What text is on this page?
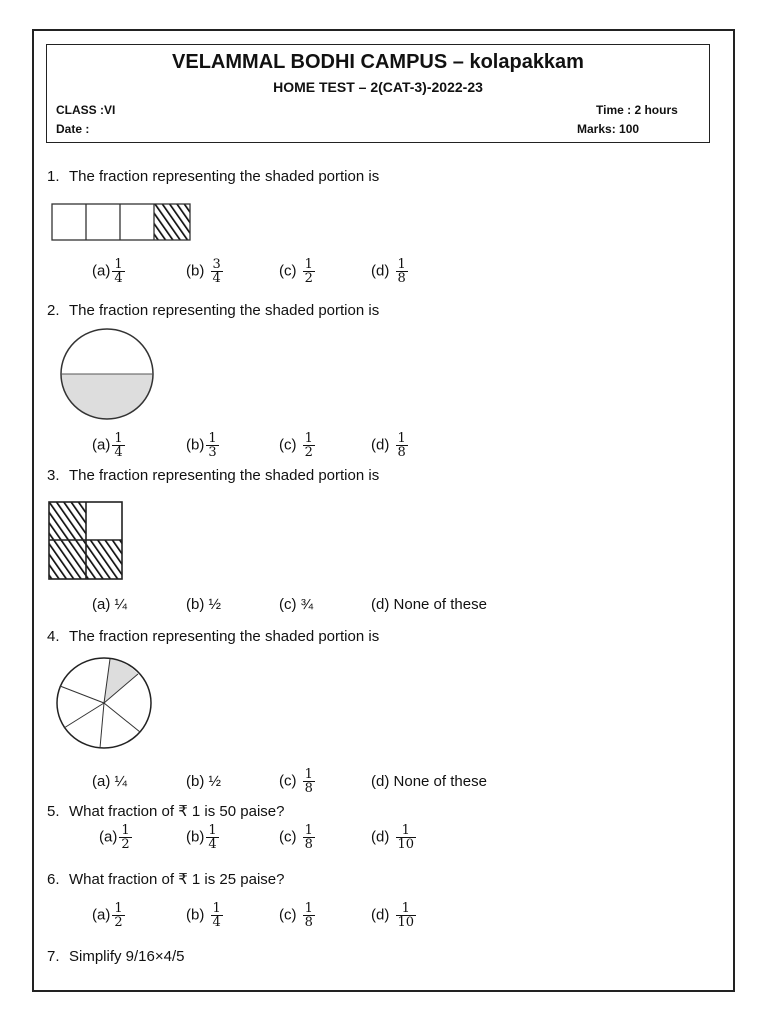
VELAMMAL BODHI CAMPUS – kolapakkam
HOME TEST – 2(CAT-3)-2022-23
CLASS :VI
Date :
Time : 2 hours
Marks: 100
1. The fraction representing the shaded portion is
$(a) \frac{1}{4}$	$(b) \frac{3}{4}$	$(c) \frac{1}{2}$	$(d) \frac{1}{8}$
2. The fraction representing the shaded portion is
$(a) \frac{1}{4}$	$(b) \frac{1}{3}$	$(c) \frac{1}{2}$	$(d) \frac{1}{8}$
3. The fraction representing the shaded portion is
(a) ¼	(b) ½	(c) ¾	(d) None of these
4. The fraction representing the shaded portion is
(a) ¼	(b) ½	$(c) \frac{1}{8}$	(d) None of these
5. What fraction of ₹ 1 is 50 paise?
$(a) \frac{1}{2}$	$(b) \frac{1}{4}$	$(c) \frac{1}{8}$	$(d) \frac{1}{10}$
6. What fraction of ₹ 1 is 25 paise?
$(a) \frac{1}{2}$	$(b) \frac{1}{4}$	$(c) \frac{1}{8}$	$(d) \frac{1}{10}$
7. Simplify 9/16×4/5
